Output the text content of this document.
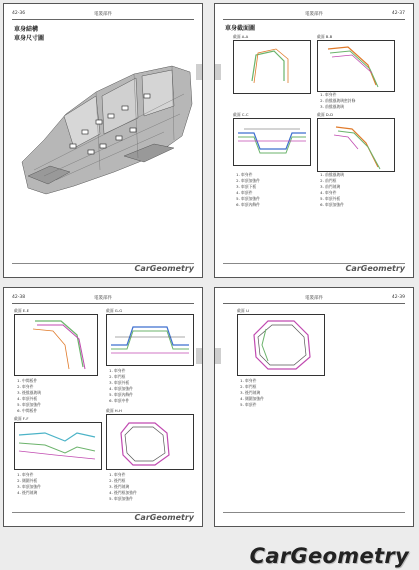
42-36	電裝部件
車身結構
車身尺寸圖
CarGeometry
電裝部件	42-37
車身截面圖
截面 A-A	截面 B-B
1. 車身件
2. 前擋風玻璃密封條
3. 前擋風玻璃
截面 C-C	截面 D-D
1. 車身件
2. 車頂加強件
3. 車頂下板
4. 車頂件
5. 車頂加強件
6. 車頂內飾件
1. 前擋風玻璃
2. 前門框
3. 前門玻璃
4. 車身件
5. 車頂外板
6. 車頂加強件
CarGeometry
42-38	電裝部件
截面 E-E	截面 G-G
1. 中間板件
2. 車身件
3. 後擋風玻璃
4. 車頂外板
5. 車頂加強件
6. 中間板件
1. 車身件
2. 車門框
3. 車頂外板
4. 車頂加強件
5. 車頂內飾件
6. 車頂中件
截面 F-F
截面 H-H
1. 車身件
2. 側圍外板
3. 車頂加強件
4. 後門玻璃
1. 車身件
2. 後門框
3. 後門玻璃
4. 後門框加強件
5. 車頂加強件
CarGeometry
電裝部件	42-39
截面 I-I
1. 車身件
2. 車門框
3. 後門玻璃
4. 側圍加強件
5. 車頂件
CarGeometry
